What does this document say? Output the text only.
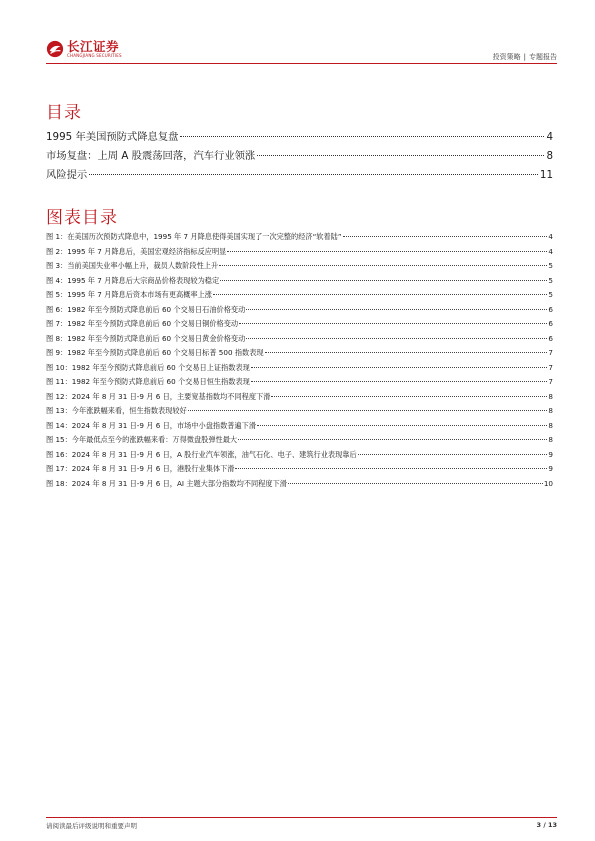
长江证券
CHANGJIANG SECURITIES	投资策略 | 专题报告
目录
1995 年美国预防式降息复盘	4
市场复盘：上周 A 股震荡回落，汽车行业领涨	8
风险提示	11
图表目录
图 1：在美国历次预防式降息中，1995 年 7 月降息使得美国实现了一次完整的经济“软着陆”	4
图 2：1995 年 7 月降息后，美国宏观经济指标反应明显	4
图 3：当前美国失业率小幅上升，裁员人数阶段性上升	5
图 4：1995 年 7 月降息后大宗商品价格表现较为稳定	5
图 5：1995 年 7 月降息后资本市场有更高概率上涨	5
图 6：1982 年至今预防式降息前后 60 个交易日石油价格变动	6
图 7：1982 年至今预防式降息前后 60 个交易日铜价格变动	6
图 8：1982 年至今预防式降息前后 60 个交易日黄金价格变动	6
图 9：1982 年至今预防式降息前后 60 个交易日标普 500 指数表现	7
图 10：1982 年至今预防式降息前后 60 个交易日上证指数表现	7
图 11：1982 年至今预防式降息前后 60 个交易日恒生指数表现	7
图 12：2024 年 8 月 31 日-9 月 6 日，主要宽基指数均不同程度下滑	8
图 13：今年涨跌幅来看，恒生指数表现较好	8
图 14：2024 年 8 月 31 日-9 月 6 日，市场中小盘指数普遍下滑	8
图 15：今年最低点至今的涨跌幅来看：万得微盘股弹性最大	8
图 16：2024 年 8 月 31 日-9 月 6 日，A 股行业汽车领涨，油气石化、电子、建筑行业表现靠后	9
图 17：2024 年 8 月 31 日-9 月 6 日，港股行业集体下滑	9
图 18：2024 年 8 月 31 日-9 月 6 日，AI 主题大部分指数均不同程度下滑	10
请阅读最后评级说明和重要声明	3 / 13
